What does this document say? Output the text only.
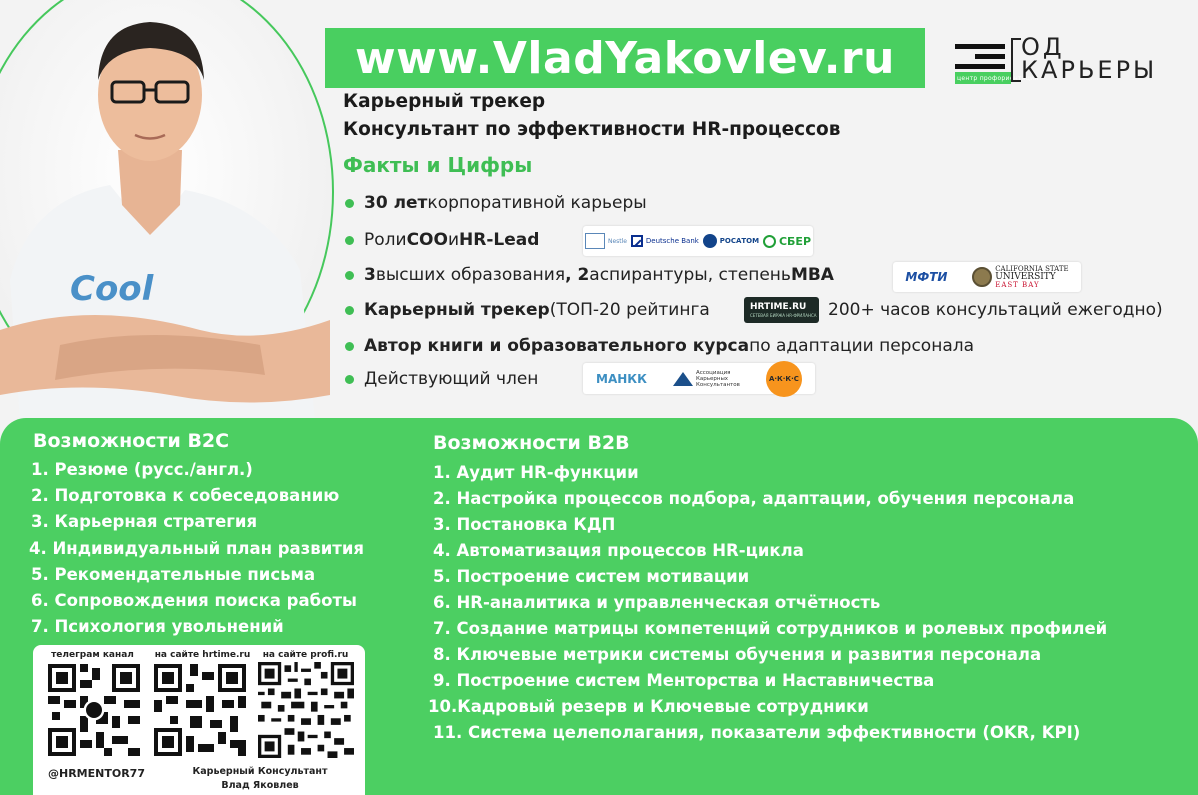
Cool
www.VladYakovlev.ru	центр профориентации
ОД
КАРЬЕРЫ
Карьерный трекер
Консультант по эффективности HR-процессов
Факты и Цифры
30 лет корпоративной карьеры
Роли COO и HR-Lead	Nestle	Deutsche Bank	РОСАТОМ СБЕР
3 высших образования , 2 аспирантуры, степень MBA	МФТИ
CALIFORNIA STATE
UNIVERSITY
EAST BAY
Карьерный трекер (ТОП-20 рейтинга	HRTIME.RU
СЕТЕВАЯ БИРЖА HR-ФРИЛАНСА 200+ часов консультаций ежегодно)
Автор книги и образовательного курса по адаптации персонала
Действующий член	МАНКК	Ассоциация
Карьерных
Консультантов
А·К·К·С
Возможности B2C
1. Резюме (русс./англ.)
2. Подготовка к собеседованию
3. Карьерная стратегия
4. Индивидуальный план развития
5. Рекомендательные письма
6. Сопровождения поиска работы
7. Психология увольнений
Возможности B2B
1. Аудит HR-функции
2. Настройка процессов подбора, адаптации, обучения персонала
3. Постановка КДП
4. Автоматизация процессов HR-цикла
5. Построение систем мотивации
6. HR-аналитика и управленческая отчётность
7. Создание матрицы компетенций сотрудников и ролевых профилей
8. Ключевые метрики системы обучения и развития персонала
9. Построение систем Менторства и Наставничества
10.Кадровый резерв и Ключевые сотрудники
11. Система целеполагания, показатели эффективности (OKR, KPI)
телеграм канал	на сайте hrtime.ru	на сайте profi.ru
@HRMENTOR77	Карьерный Консультант
Влад Яковлев
